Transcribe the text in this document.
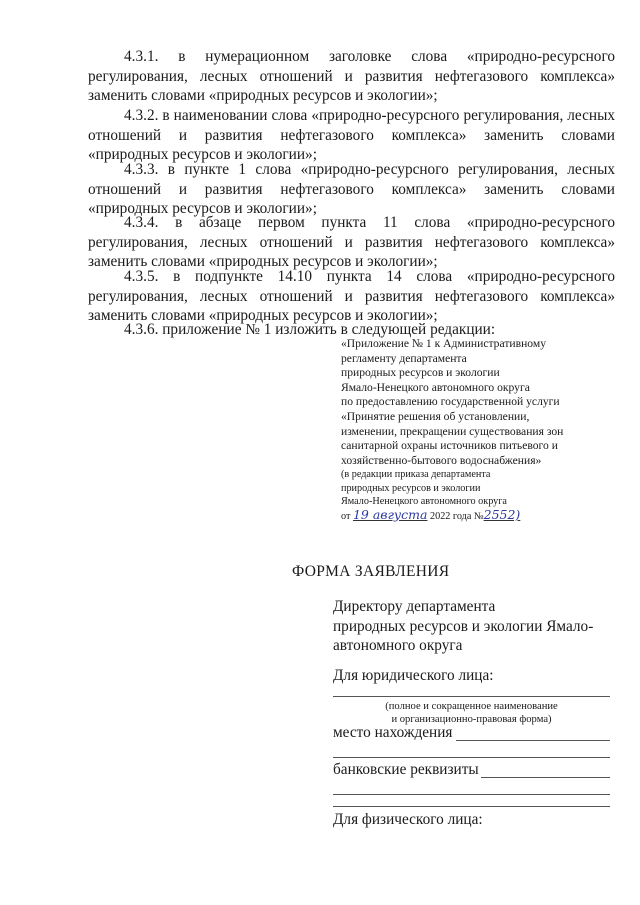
4.3.1. в нумерационном заголовке слова «природно-ресурсного регулирования, лесных отношений и развития нефтегазового комплекса» заменить словами «природных ресурсов и экологии»;

4.3.2. в наименовании слова «природно-ресурсного регулирования, лесных отношений и развития нефтегазового комплекса» заменить словами «природных ресурсов и экологии»;

4.3.3. в пункте 1 слова «природно-ресурсного регулирования, лесных отношений и развития нефтегазового комплекса» заменить словами «природных ресурсов и экологии»;

4.3.4. в абзаце первом пункта 11 слова «природно-ресурсного регулирования, лесных отношений и развития нефтегазового комплекса» заменить словами «природных ресурсов и экологии»;

4.3.5. в подпункте 14.10 пункта 14 слова «природно-ресурсного регулирования, лесных отношений и развития нефтегазового комплекса» заменить словами «природных ресурсов и экологии»;

4.3.6. приложение № 1 изложить в следующей редакции:

«Приложение № 1 к Административному
регламенту департамента
природных ресурсов и экологии
Ямало-Ненецкого автономного округа
по предоставлению государственной услуги
«Принятие решения об установлении,
изменении, прекращении существования зон
санитарной охраны источников питьевого и
хозяйственно-бытового водоснабжения»
(в редакции приказа департамента
природных ресурсов и экологии
Ямало-Ненецкого автономного округа
от 19 августа 2022 года №2552)

ФОРМА ЗАЯВЛЕНИЯ

Директору департамента
природных ресурсов и экологии Ямало-
автономного округа

Для юридического лица:

(полное и сокращенное наименование
и организационно-правовая форма)

место нахождения

банковские реквизиты

Для физического лица:
